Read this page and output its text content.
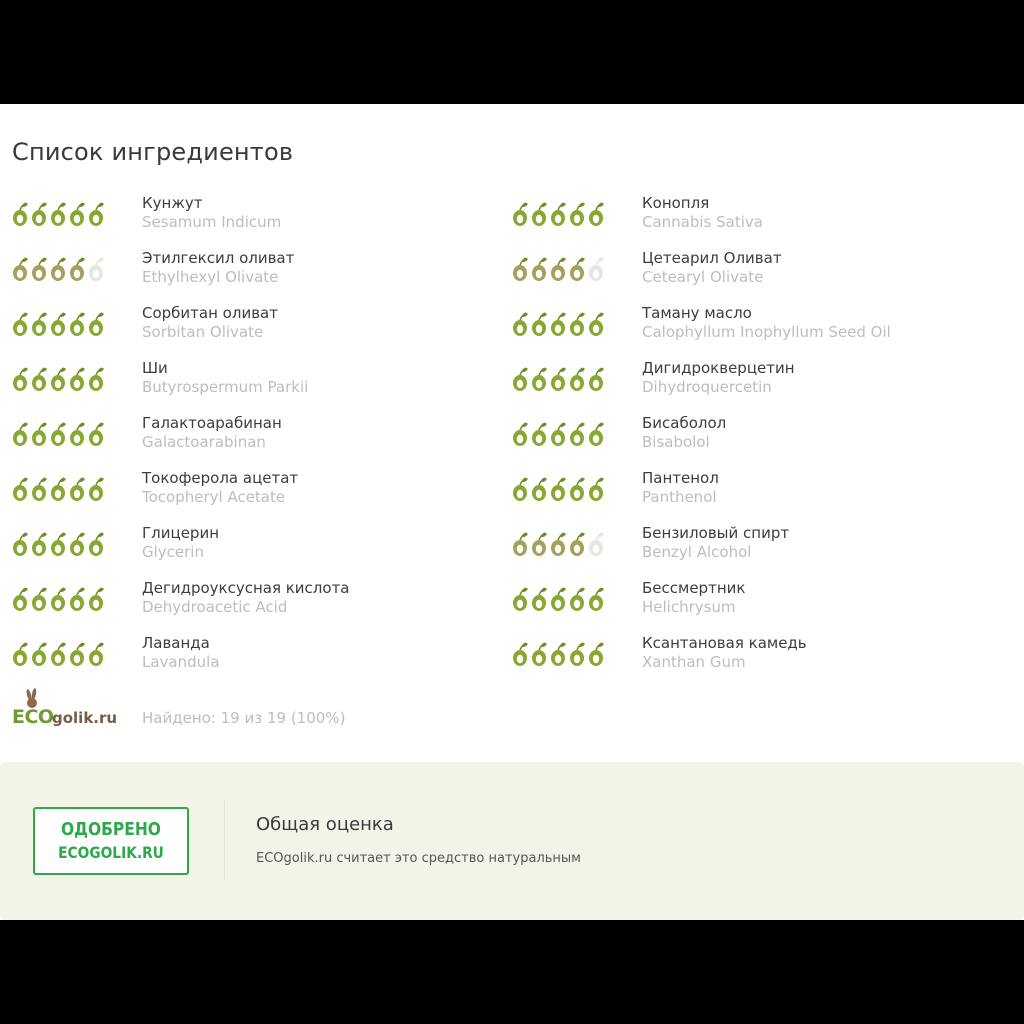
Список ингредиентов
Кунжут
Sesamum Indicum
Этилгексил оливат
Ethylhexyl Olivate
Сорбитан оливат
Sorbitan Olivate
Ши
Butyrospermum Parkii
Галактоарабинан
Galactoarabinan
Токоферола ацетат
Tocopheryl Acetate
Глицерин
Glycerin
Дегидроуксусная кислота
Dehydroacetic Acid
Лаванда
Lavandula
Конопля
Cannabis Sativa
Цетеарил Оливат
Cetearyl Olivate
Таману масло
Calophyllum Inophyllum Seed Oil
Дигидрокверцетин
Dihydroquercetin
Бисаболол
Bisabolol
Пантенол
Panthenol
Бензиловый спирт
Benzyl Alcohol
Бессмертник
Helichrysum
Ксантановая камедь
Xanthan Gum
ECO
golik.ru Найдено: 19 из 19 (100%)
ОДОБРЕНО
ECOGOLIK.RU
Общая оценка
ECOgolik.ru считает это средство натуральным
